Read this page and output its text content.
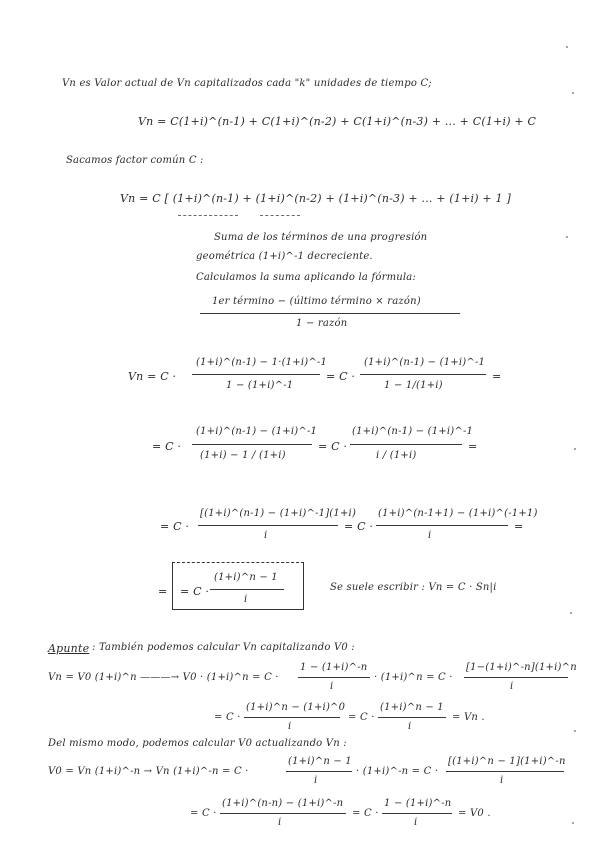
Vn es Valor actual de Vn capitalizados cada "k" unidades de tiempo C;
Vn = C(1+i)^(n-1) + C(1+i)^(n-2) + C(1+i)^(n-3) + ... + C(1+i) + C
Sacamos factor común C :
Vn = C [ (1+i)^(n-1) + (1+i)^(n-2) + (1+i)^(n-3) + ... + (1+i) + 1 ]
Suma de los términos de una progresión
geométrica (1+i)^-1 decreciente.
Calculamos la suma aplicando la fórmula:
1er término − (último término × razón)
1 − razón
Vn = C ·
(1+i)^(n-1) − 1·(1+i)^-1
1 − (1+i)^-1
= C ·
(1+i)^(n-1) − (1+i)^-1
1 − 1/(1+i)
=
= C ·
(1+i)^(n-1) − (1+i)^-1
(1+i) − 1 / (1+i)
= C ·
(1+i)^(n-1) − (1+i)^-1
i / (1+i)
=
= C ·
[(1+i)^(n-1) − (1+i)^-1](1+i)
i
= C ·
(1+i)^(n-1+1) − (1+i)^(-1+1)
i
=
= = C ·
(1+i)^n − 1
i
Se suele escribir : Vn = C · Sn|i
Apunte : También podemos calcular Vn capitalizando V0 :
Vn = V0 (1+i)^n ———→ V0 · (1+i)^n = C ·
1 − (1+i)^-n
i
· (1+i)^n = C ·
[1−(1+i)^-n](1+i)^n
i
= C ·
(1+i)^n − (1+i)^0
i
= C ·
(1+i)^n − 1
i
= Vn .
Del mismo modo, podemos calcular V0 actualizando Vn :
V0 = Vn (1+i)^-n → Vn (1+i)^-n = C ·
(1+i)^n − 1
i
· (1+i)^-n = C ·
[(1+i)^n − 1](1+i)^-n
i
= C ·
(1+i)^(n-n) − (1+i)^-n
i
= C ·
1 − (1+i)^-n
i
= V0 .
